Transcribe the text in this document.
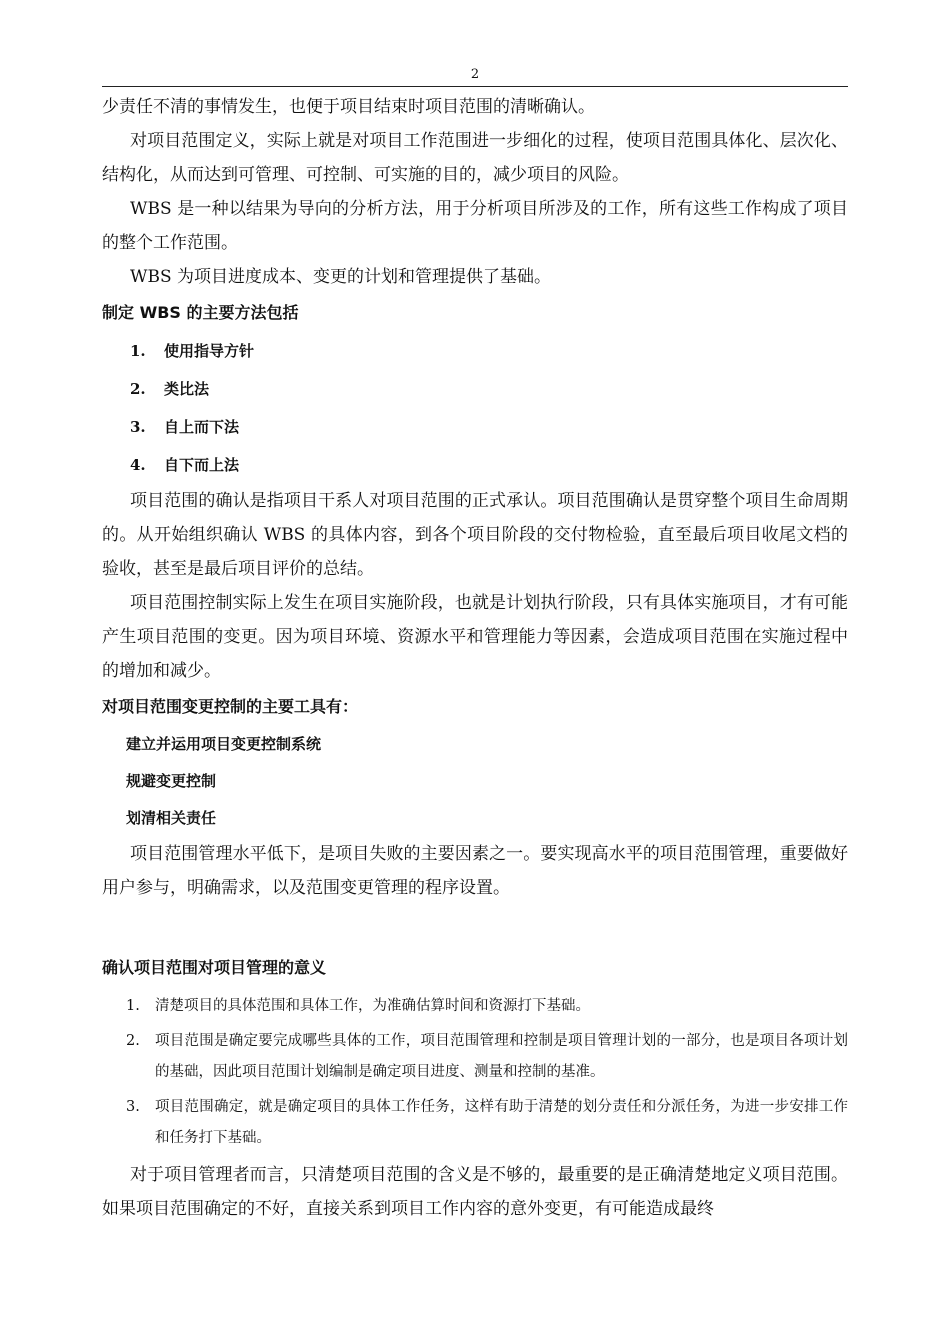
2

少责任不清的事情发生，也便于项目结束时项目范围的清晰确认。

对项目范围定义，实际上就是对项目工作范围进一步细化的过程，使项目范围具体化、层次化、结构化，从而达到可管理、可控制、可实施的目的，减少项目的风险。

WBS 是一种以结果为导向的分析方法，用于分析项目所涉及的工作，所有这些工作构成了项目的整个工作范围。

WBS 为项目进度成本、变更的计划和管理提供了基础。

制定 WBS 的主要方法包括

1. 使用指导方针
2. 类比法
3. 自上而下法
4. 自下而上法

项目范围的确认是指项目干系人对项目范围的正式承认。项目范围确认是贯穿整个项目生命周期的。从开始组织确认 WBS 的具体内容，到各个项目阶段的交付物检验，直至最后项目收尾文档的验收，甚至是最后项目评价的总结。

项目范围控制实际上发生在项目实施阶段，也就是计划执行阶段，只有具体实施项目，才有可能产生项目范围的变更。因为项目环境、资源水平和管理能力等因素，会造成项目范围在实施过程中的增加和减少。

对项目范围变更控制的主要工具有：

建立并运用项目变更控制系统
规避变更控制
划清相关责任

项目范围管理水平低下，是项目失败的主要因素之一。要实现高水平的项目范围管理，重要做好用户参与，明确需求，以及范围变更管理的程序设置。

确认项目范围对项目管理的意义

1. 清楚项目的具体范围和具体工作，为准确估算时间和资源打下基础。
2. 项目范围是确定要完成哪些具体的工作，项目范围管理和控制是项目管理计划的一部分，也是项目各项计划的基础，因此项目范围计划编制是确定项目进度、测量和控制的基准。
3. 项目范围确定，就是确定项目的具体工作任务，这样有助于清楚的划分责任和分派任务，为进一步安排工作和任务打下基础。

对于项目管理者而言，只清楚项目范围的含义是不够的，最重要的是正确清楚地定义项目范围。如果项目范围确定的不好，直接关系到项目工作内容的意外变更，有可能造成最终
